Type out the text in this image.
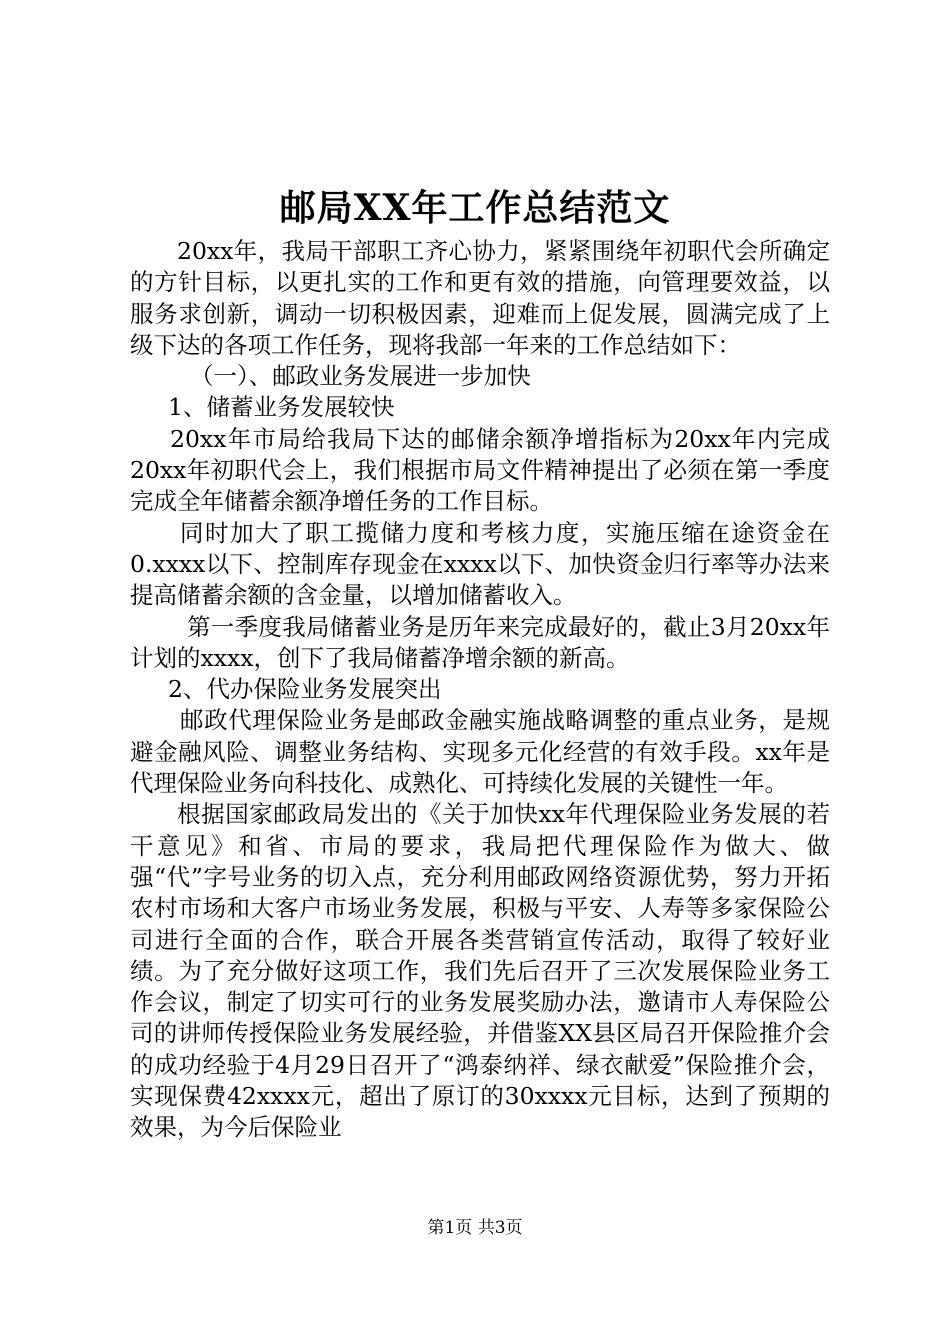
邮局XX年工作总结范文

20xx年，我局干部职工齐心协力，紧紧围绕年初职代会所确定的方针目标，以更扎实的工作和更有效的措施，向管理要效益，以服务求创新，调动一切积极因素，迎难而上促发展，圆满完成了上级下达的各项工作任务，现将我部一年来的工作总结如下：

（一）、邮政业务发展进一步加快

1、储蓄业务发展较快

20xx年市局给我局下达的邮储余额净增指标为20xx年内完成20xx年初职代会上，我们根据市局文件精神提出了必须在第一季度完成全年储蓄余额净增任务的工作目标。

同时加大了职工揽储力度和考核力度，实施压缩在途资金在0.xxxx以下、控制库存现金在xxxx以下、加快资金归行率等办法来提高储蓄余额的含金量，以增加储蓄收入。

第一季度我局储蓄业务是历年来完成最好的，截止3月20xx年计划的xxxx，创下了我局储蓄净增余额的新高。

2、代办保险业务发展突出

邮政代理保险业务是邮政金融实施战略调整的重点业务，是规避金融风险、调整业务结构、实现多元化经营的有效手段。xx年是代理保险业务向科技化、成熟化、可持续化发展的关键性一年。

根据国家邮政局发出的《关于加快xx年代理保险业务发展的若干意见》和省、市局的要求，我局把代理保险作为做大、做强“代”字号业务的切入点，充分利用邮政网络资源优势，努力开拓农村市场和大客户市场业务发展，积极与平安、人寿等多家保险公司进行全面的合作，联合开展各类营销宣传活动，取得了较好业绩。为了充分做好这项工作，我们先后召开了三次发展保险业务工作会议，制定了切实可行的业务发展奖励办法，邀请市人寿保险公司的讲师传授保险业务发展经验，并借鉴XX县区局召开保险推介会的成功经验于4月29日召开了“鸿泰纳祥、绿衣献爱”保险推介会，实现保费42xxxx元，超出了原订的30xxxx元目标，达到了预期的效果，为今后保险业

第1页 共3页
